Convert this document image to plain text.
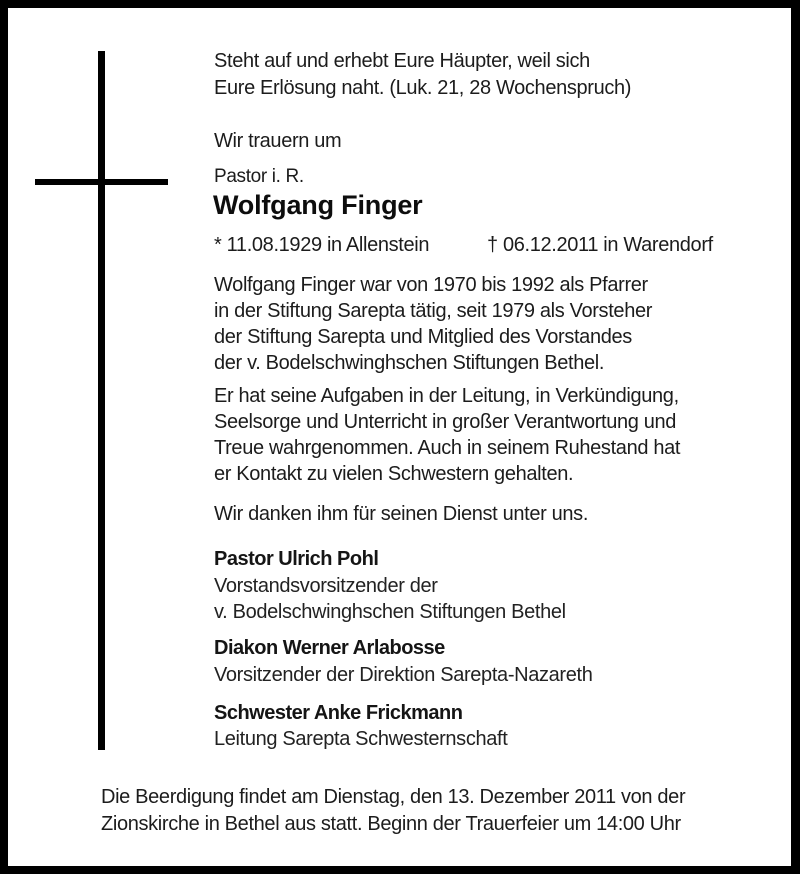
Steht auf und erhebt Eure Häupter, weil sich
Eure Erlösung naht. (Luk. 21, 28 Wochenspruch)
Wir trauern um
Pastor i. R.
Wolfgang Finger
* 11.08.1929 in Allenstein	† 06.12.2011 in Warendorf
Wolfgang Finger war von 1970 bis 1992 als Pfarrer
in der Stiftung Sarepta tätig, seit 1979 als Vorsteher
der Stiftung Sarepta und Mitglied des Vorstandes
der v. Bodelschwinghschen Stiftungen Bethel.
Er hat seine Aufgaben in der Leitung, in Verkündigung,
Seelsorge und Unterricht in großer Verantwortung und
Treue wahrgenommen. Auch in seinem Ruhestand hat
er Kontakt zu vielen Schwestern gehalten.
Wir danken ihm für seinen Dienst unter uns.
Pastor Ulrich Pohl
Vorstandsvorsitzender der
v. Bodelschwinghschen Stiftungen Bethel
Diakon Werner Arlabosse
Vorsitzender der Direktion Sarepta-Nazareth
Schwester Anke Frickmann
Leitung Sarepta Schwesternschaft
Die Beerdigung findet am Dienstag, den 13. Dezember 2011 von der
Zionskirche in Bethel aus statt. Beginn der Trauerfeier um 14:00 Uhr
